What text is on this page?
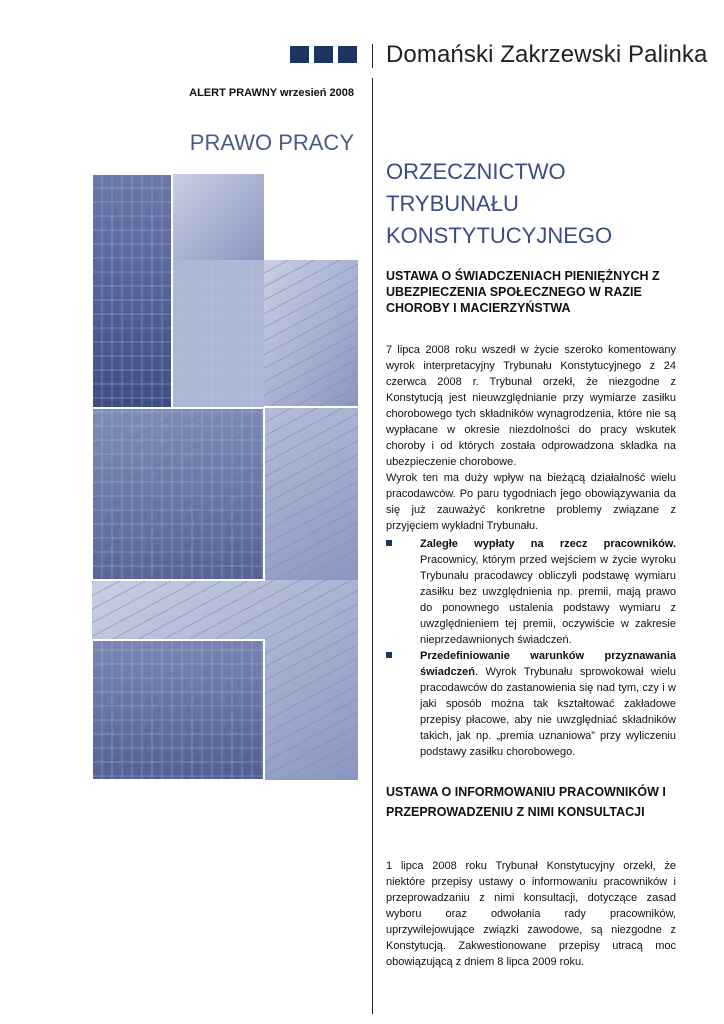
Domański Zakrzewski Palinka
ALERT PRAWNY wrzesień 2008
PRAWO PRACY
ORZECZNICTWO
TRYBUNAŁU
KONSTYTUCYJNEGO
USTAWA O ŚWIADCZENIACH PIENIĘŻNYCH Z UBEZPIECZENIA SPOŁECZNEGO W RAZIE CHOROBY I MACIERZYŃSTWA
7 lipca 2008 roku wszedł w życie szeroko komentowany wyrok interpretacyjny Trybunału Konstytucyjnego z 24 czerwca 2008 r. Trybunał orzekł, że niezgodne z Konstytucją jest nieuwzględnianie przy wymiarze zasiłku chorobowego tych składników wynagrodzenia, które nie są wypłacane w okresie niezdolności do pracy wskutek choroby i od których została odprowadzona składka na ubezpieczenie chorobowe.
Wyrok ten ma duży wpływ na bieżącą działalność wielu pracodawców. Po paru tygodniach jego obowiązywania da się już zauważyć konkretne problemy związane z przyjęciem wykładni Trybunału.
Zaległe wypłaty na rzecz pracowników. Pracownicy, którym przed wejściem w życie wyroku Trybunału pracodawcy obliczyli podstawę wymiaru zasiłku bez uwzględnienia np. premii, mają prawo do ponownego ustalenia podstawy wymiaru z uwzględnieniem tej premii, oczywiście w zakresie nieprzedawnionych świadczeń.
Przedefiniowanie warunków przyznawania świadczeń. Wyrok Trybunału sprowokował wielu pracodawców do zastanowienia się nad tym, czy i w jaki sposób można tak kształtować zakładowe przepisy płacowe, aby nie uwzględniać składników takich, jak np. „premia uznaniowa” przy wyliczeniu podstawy zasiłku chorobowego.
USTAWA O INFORMOWANIU PRACOWNIKÓW I PRZEPROWADZENIU Z NIMI KONSULTACJI
1 lipca 2008 roku Trybunał Konstytucyjny orzekł, że niektóre przepisy ustawy o informowaniu pracowników i przeprowadzaniu z nimi konsultacji, dotyczące zasad wyboru oraz odwołania rady pracowników, uprzywilejowujące związki zawodowe, są niezgodne z Konstytucją. Zakwestionowane przepisy utracą moc obowiązującą z dniem 8 lipca 2009 roku.
